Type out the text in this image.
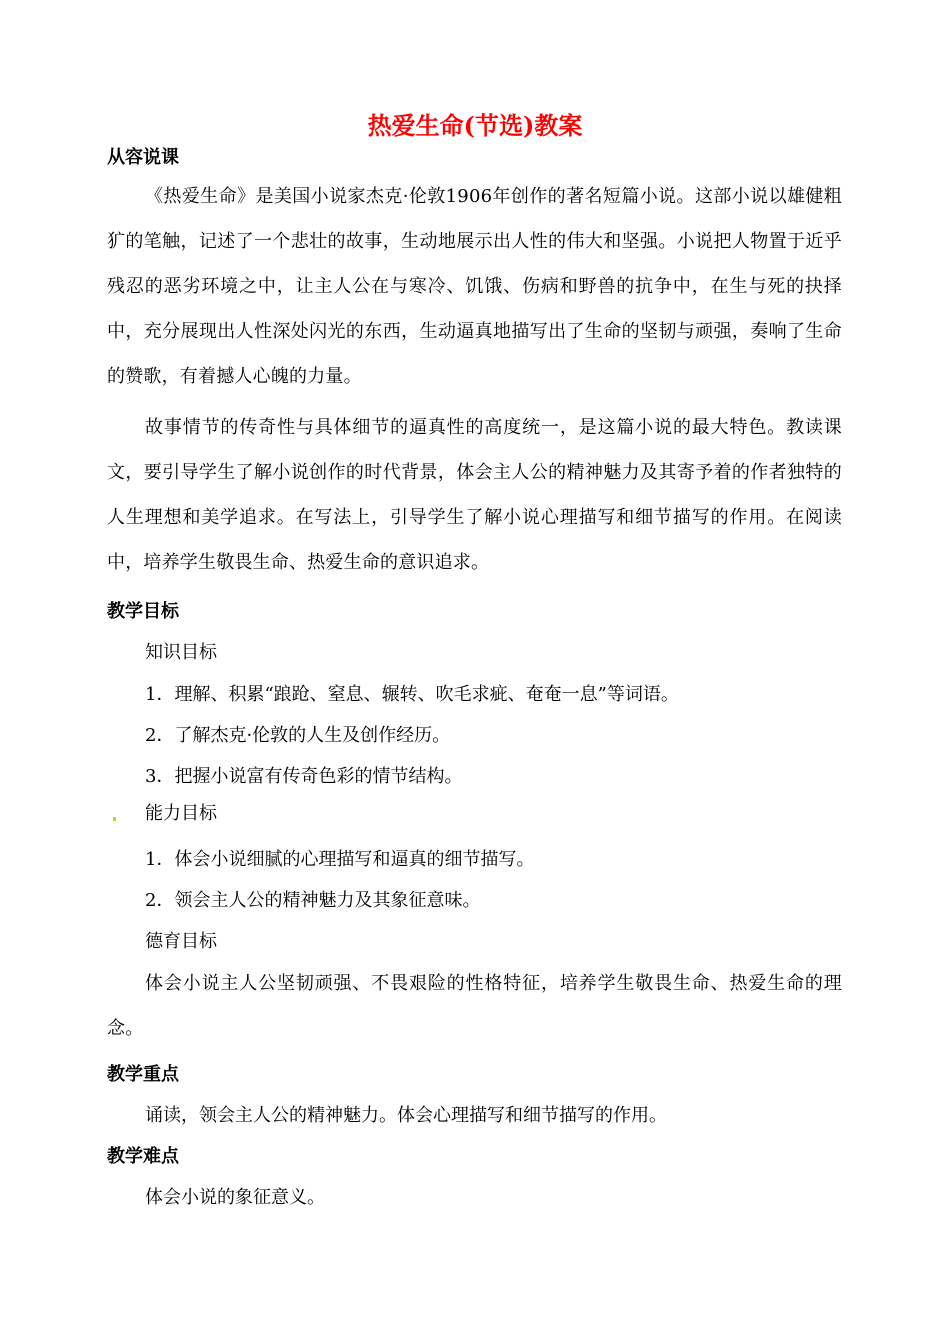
热爱生命(节选)教案
从容说课
《热爱生命》是美国小说家杰克·伦敦1906年创作的著名短篇小说。这部小说以雄健粗犷的笔触，记述了一个悲壮的故事，生动地展示出人性的伟大和坚强。小说把人物置于近乎残忍的恶劣环境之中，让主人公在与寒冷、饥饿、伤病和野兽的抗争中，在生与死的抉择中，充分展现出人性深处闪光的东西，生动逼真地描写出了生命的坚韧与顽强，奏响了生命的赞歌，有着撼人心魄的力量。
故事情节的传奇性与具体细节的逼真性的高度统一，是这篇小说的最大特色。教读课文，要引导学生了解小说创作的时代背景，体会主人公的精神魅力及其寄予着的作者独特的人生理想和美学追求。在写法上，引导学生了解小说心理描写和细节描写的作用。在阅读中，培养学生敬畏生命、热爱生命的意识追求。
教学目标
知识目标
1．理解、积累“踉跄、窒息、辗转、吹毛求疵、奄奄一息”等词语。
2．了解杰克·伦敦的人生及创作经历。
3．把握小说富有传奇色彩的情节结构。
能力目标
1．体会小说细腻的心理描写和逼真的细节描写。
2．领会主人公的精神魅力及其象征意味。
德育目标
体会小说主人公坚韧顽强、不畏艰险的性格特征，培养学生敬畏生命、热爱生命的理念。
教学重点
诵读，领会主人公的精神魅力。体会心理描写和细节描写的作用。
教学难点
体会小说的象征意义。
